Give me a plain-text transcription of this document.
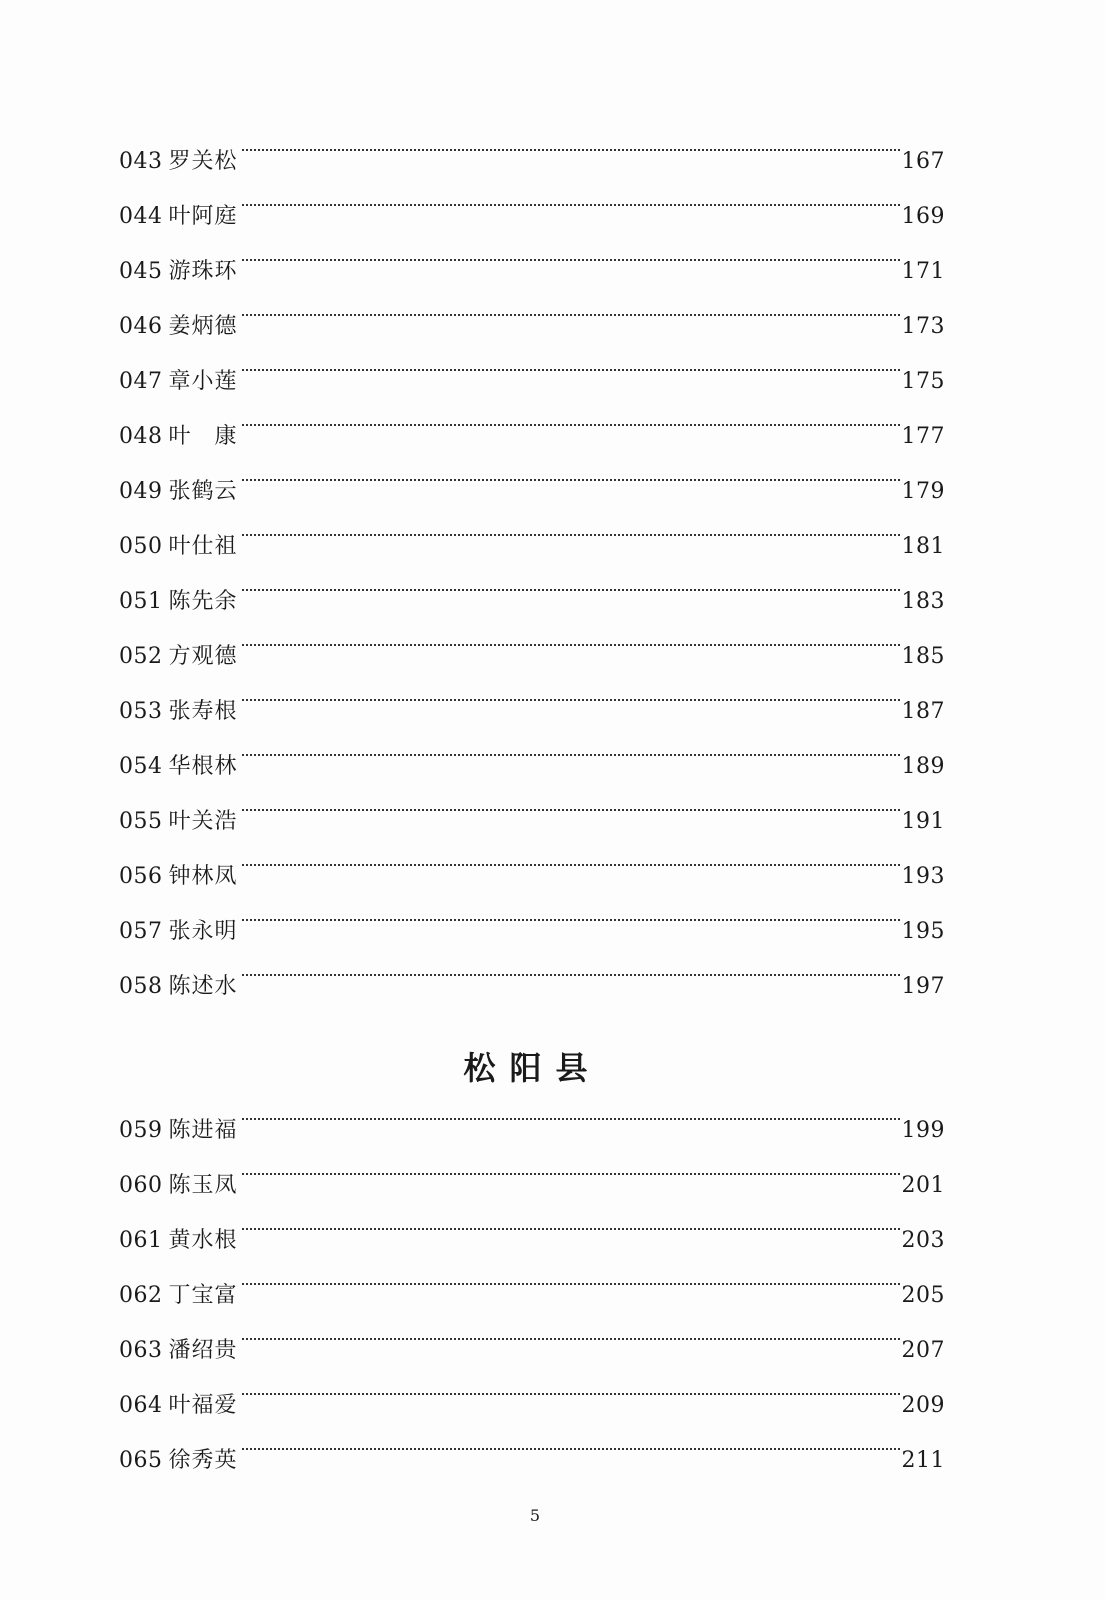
043 罗关松	167
044 叶阿庭	169
045 游珠环	171
046 姜炳德	173
047 章小莲	175
048 叶　康	177
049 张鹤云	179
050 叶仕祖	181
051 陈先余	183
052 方观德	185
053 张寿根	187
054 华根林	189
055 叶关浩	191
056 钟林凤	193
057 张永明	195
058 陈述水	197
松阳县
059 陈进福	199
060 陈玉凤	201
061 黄水根	203
062 丁宝富	205
063 潘绍贵	207
064 叶福爱	209
065 徐秀英	211
5
